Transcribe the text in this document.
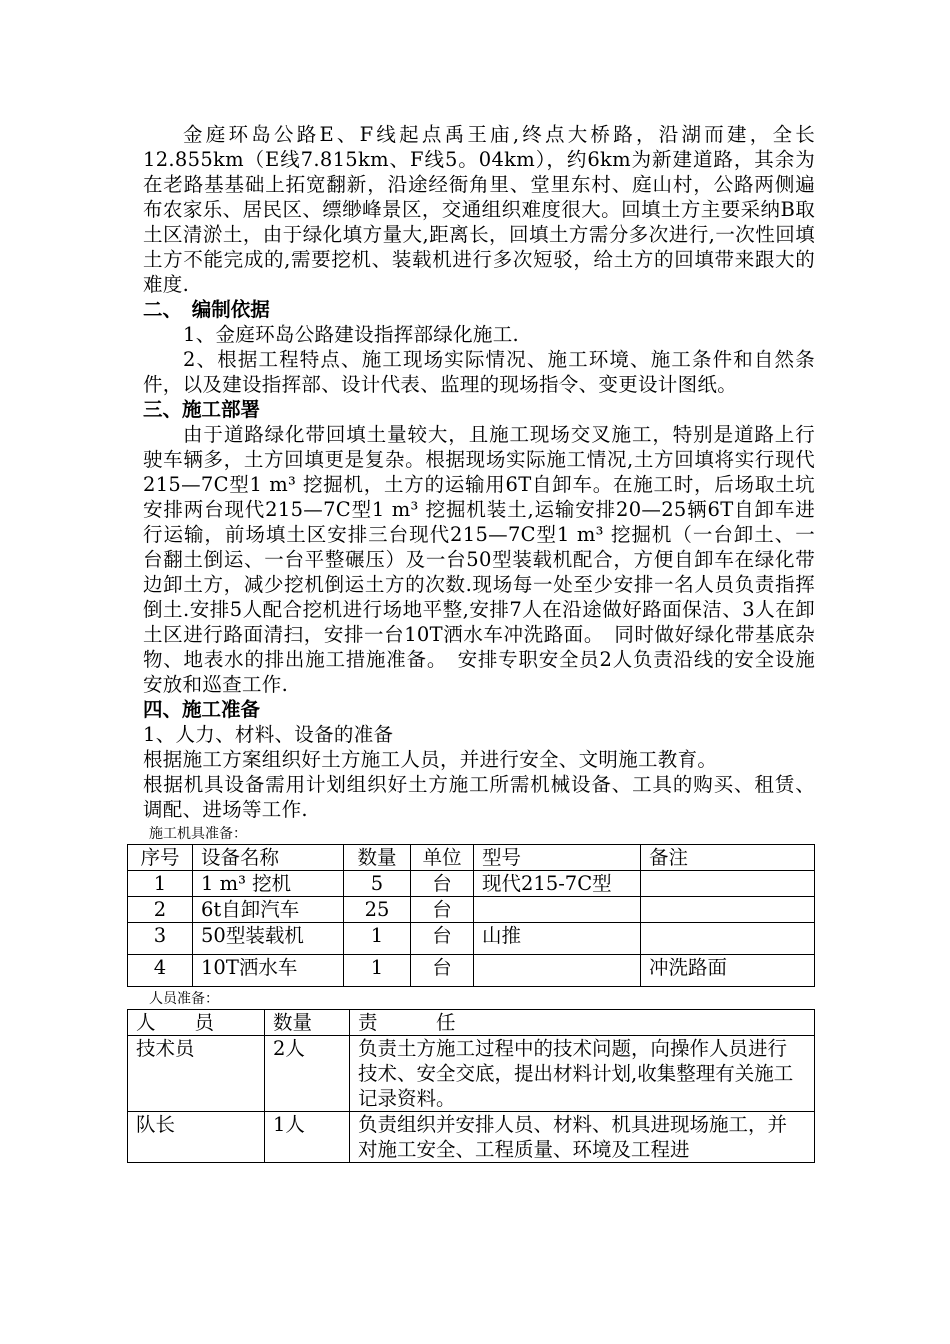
金庭环岛公路E、F线起点禹王庙,终点大桥路，沿湖而建，全长12.855km（E线7.815km、F线5。04km），约6km为新建道路，其余为在老路基基础上拓宽翻新，沿途经衙角里、堂里东村、庭山村，公路两侧遍布农家乐、居民区、缥缈峰景区，交通组织难度很大。回填土方主要采纳B取土区清淤土，由于绿化填方量大,距离长，回填土方需分多次进行,一次性回填土方不能完成的,需要挖机、装载机进行多次短驳，给土方的回填带来跟大的难度.

二、　编制依据

1、金庭环岛公路建设指挥部绿化施工.

2、根据工程特点、施工现场实际情况、施工环境、施工条件和自然条件，以及建设指挥部、设计代表、监理的现场指令、变更设计图纸。

三、施工部署

由于道路绿化带回填土量较大，且施工现场交叉施工，特别是道路上行驶车辆多，土方回填更是复杂。根据现场实际施工情况,土方回填将实行现代215—7C型1 m³ 挖掘机，土方的运输用6T自卸车。在施工时，后场取土坑安排两台现代215—7C型1 m³ 挖掘机装土,运输安排20—25辆6T自卸车进行运输，前场填土区安排三台现代215—7C型1 m³ 挖掘机（一台卸土、一台翻土倒运、一台平整碾压）及一台50型装载机配合，方便自卸车在绿化带边卸土方，减少挖机倒运土方的次数.现场每一处至少安排一名人员负责指挥倒土.安排5人配合挖机进行场地平整,安排7人在沿途做好路面保洁、3人在卸土区进行路面清扫，安排一台10T洒水车冲洗路面。　同时做好绿化带基底杂物、地表水的排出施工措施准备。　安排专职安全员2人负责沿线的安全设施安放和巡查工作.

四、施工准备

1、人力、材料、设备的准备

根据施工方案组织好土方施工人员，并进行安全、文明施工教育。

根据机具设备需用计划组织好土方施工所需机械设备、工具的购买、租赁、调配、进场等工作.

施工机具准备：

序号	设备名称	数量	单位	型号	备注
1	1 m³ 挖机	5	台	现代215-7C型	
2	6t自卸汽车	25	台		
3	50型装载机	1	台	山推	
4	10T洒水车	1	台		冲洗路面

人员准备：

人　　员	数量	责　　　任
技术员	2人	负责土方施工过程中的技术问题，向操作人员进行技术、安全交底，提出材料计划,收集整理有关施工记录资料。
队长	1人	负责组织并安排人员、材料、机具进现场施工，并对施工安全、工程质量、环境及工程进
